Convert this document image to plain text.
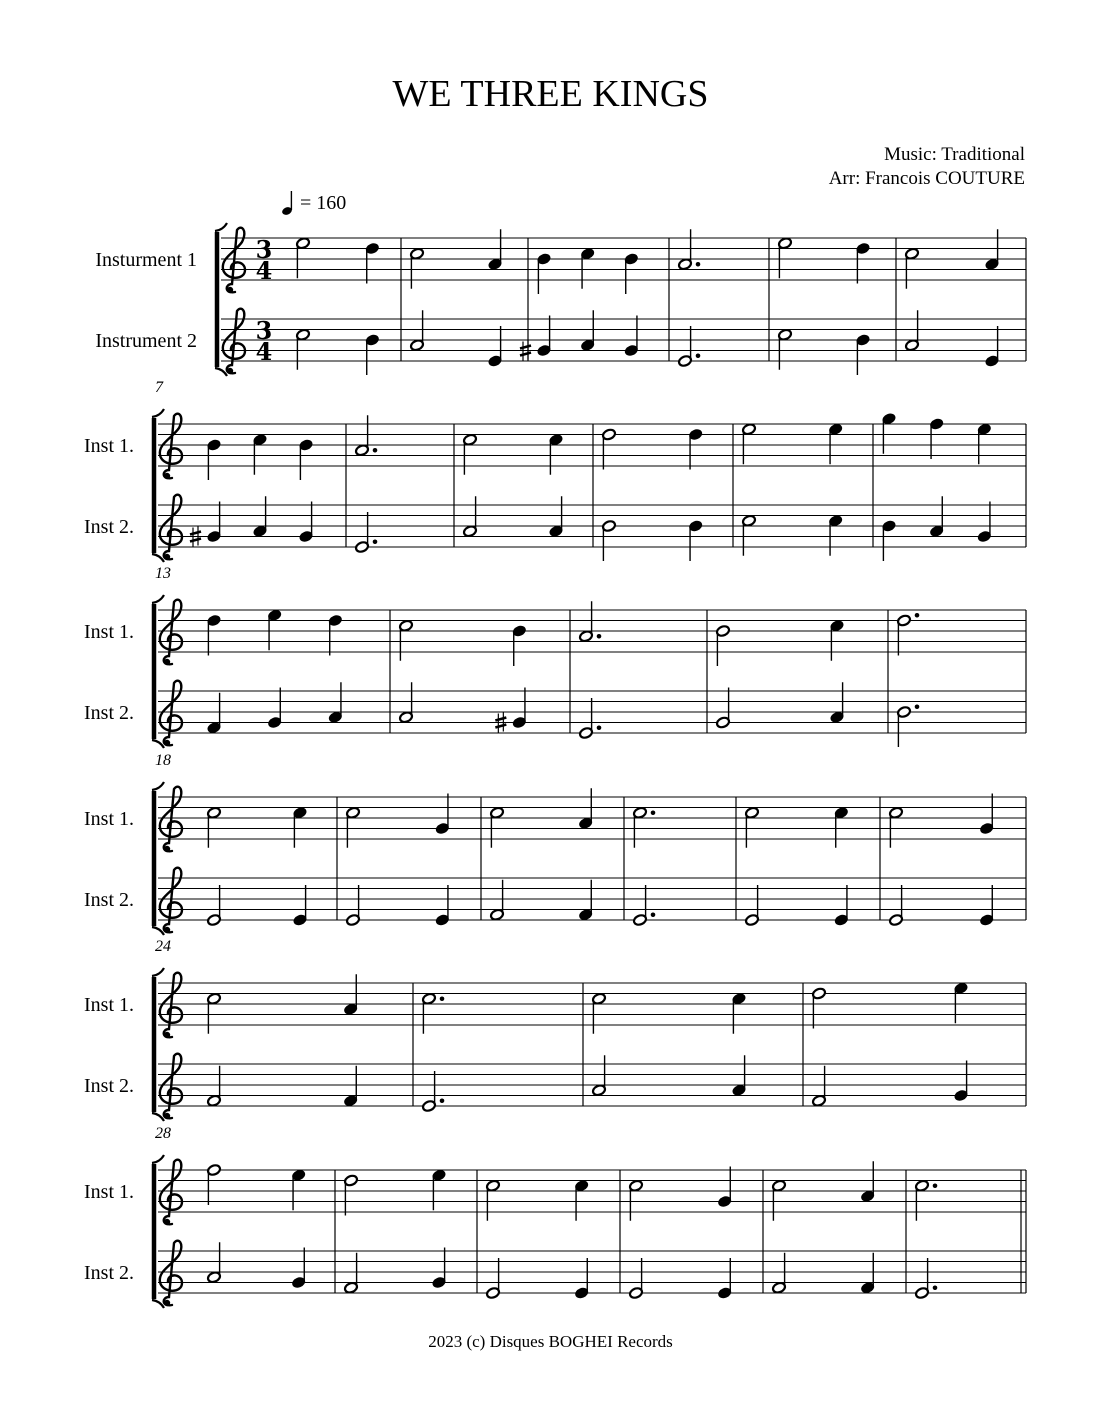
WE THREE KINGS
Music: Traditional
Arr: Francois COUTURE
= 160
Insturment 1
Instrument 2
3
4
3
4
Inst 1.
Inst 2.
7
Inst 1.
Inst 2.
13
Inst 1.
Inst 2.
18
Inst 1.
Inst 2.
24
Inst 1.
Inst 2.
28
2023 (c) Disques BOGHEI Records
